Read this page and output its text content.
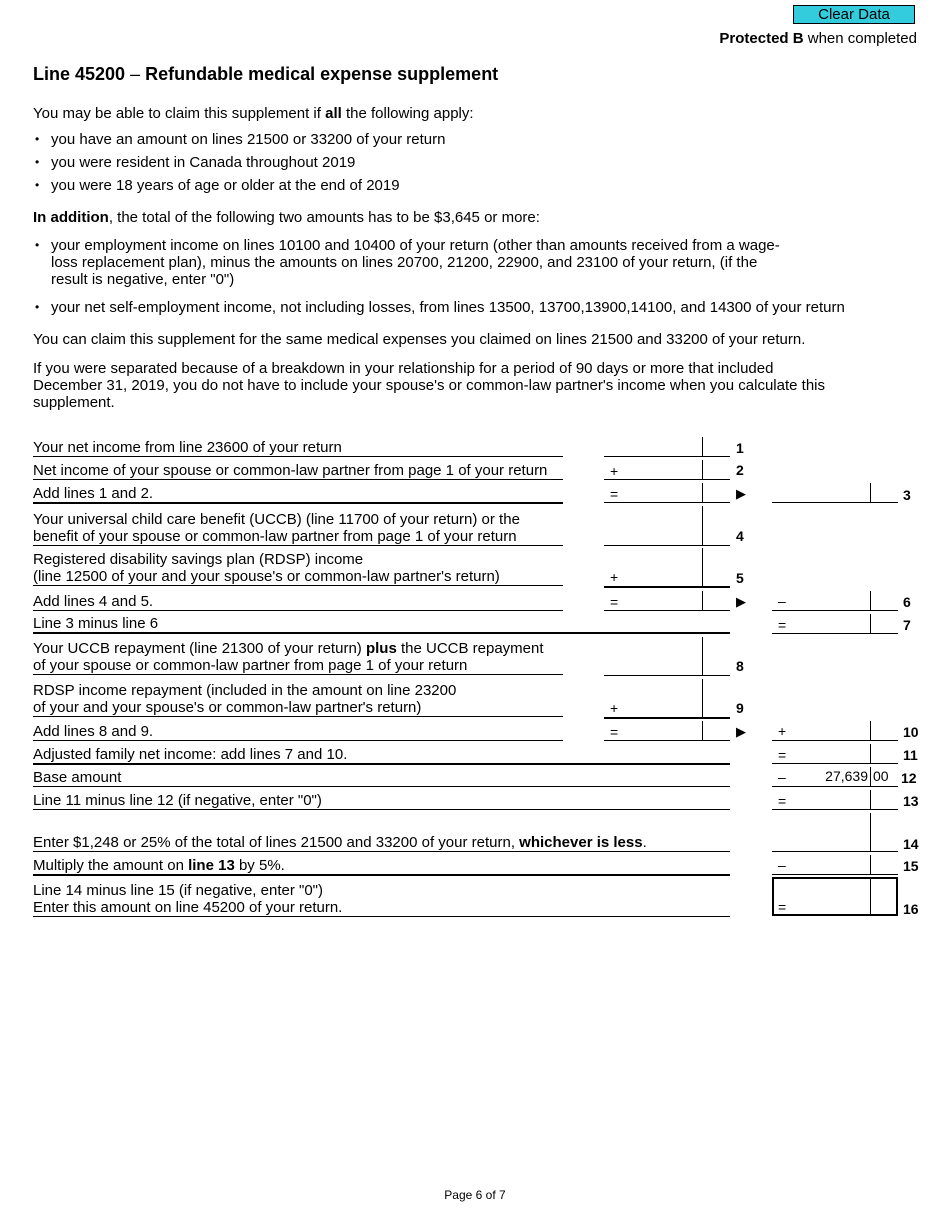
Clear Data
Protected B when completed
Line 45200 – Refundable medical expense supplement
You may be able to claim this supplement if all the following apply:
• you have an amount on lines 21500 or 33200 of your return
• you were resident in Canada throughout 2019
• you were 18 years of age or older at the end of 2019
In addition, the total of the following two amounts has to be $3,645 or more:
• your employment income on lines 10100 and 10400 of your return (other than amounts received from a wage-loss replacement plan), minus the amounts on lines 20700, 21200, 22900, and 23100 of your return, (if the result is negative, enter "0")
• your net self-employment income, not including losses, from lines 13500, 13700,13900,14100, and 14300 of your return
You can claim this supplement for the same medical expenses you claimed on lines 21500 and 33200 of your return.
If you were separated because of a breakdown in your relationship for a period of 90 days or more that included December 31, 2019, you do not have to include your spouse's or common-law partner's income when you calculate this supplement.
Your net income from line 23600 of your return	1
Net income of your spouse or common-law partner from page 1 of your return	+	2
Add lines 1 and 2.	=	▶	3
Your universal child care benefit (UCCB) (line 11700 of your return) or the
benefit of your spouse or common-law partner from page 1 of your return	4
Registered disability savings plan (RDSP) income
(line 12500 of your and your spouse's or common-law partner's return)	+	5
Add lines 4 and 5.	=	▶ –	6
Line 3 minus line 6	=	7
Your UCCB repayment (line 21300 of your return) plus the UCCB repayment
of your spouse or common-law partner from page 1 of your return	8
RDSP income repayment (included in the amount on line 23200
of your and your spouse's or common-law partner's return)	+	9
Add lines 8 and 9.	=	▶ +	10
Adjusted family net income: add lines 7 and 10.	=	11
Base amount	–	27,639 00 12
Line 11 minus line 12 (if negative, enter "0")	=	13
Enter $1,248 or 25% of the total of lines 21500 and 33200 of your return, whichever is less.	14
Multiply the amount on line 13 by 5%.	–	15
Line 14 minus line 15 (if negative, enter "0")
Enter this amount on line 45200 of your return.	=	16
Page 6 of 7
